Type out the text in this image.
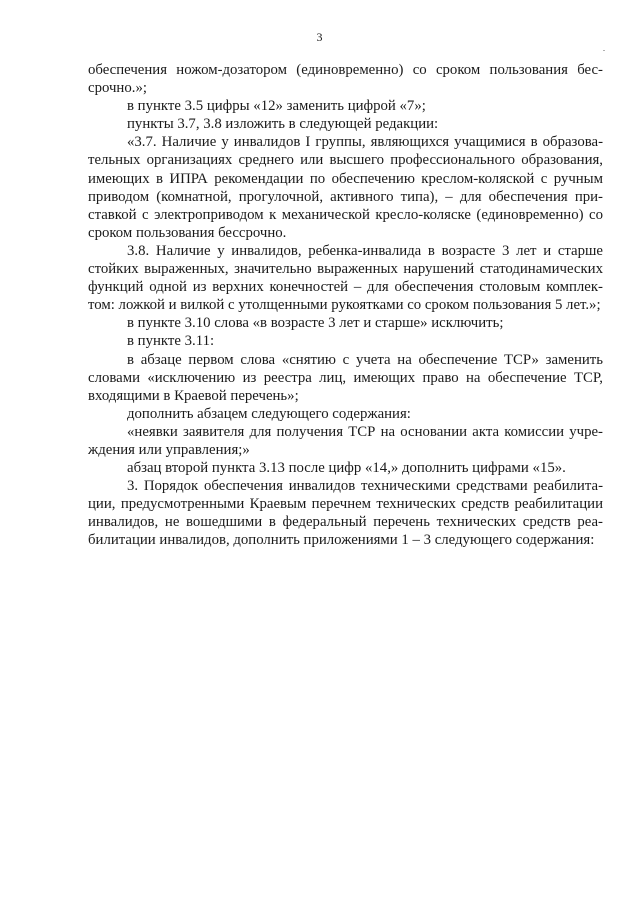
3

обеспечения ножом-дозатором (единовременно) со сроком пользования бес-срочно.»;

в пункте 3.5 цифры «12» заменить цифрой «7»;

пункты 3.7, 3.8 изложить в следующей редакции:

«3.7. Наличие у инвалидов I группы, являющихся учащимися в образова-тельных организациях среднего или высшего профессионального образования, имеющих в ИПРА рекомендации по обеспечению креслом-коляской с ручным приводом (комнатной, прогулочной, активного типа), – для обеспечения при-ставкой с электроприводом к механической кресло-коляске (единовременно) со сроком пользования бессрочно.

3.8. Наличие у инвалидов, ребенка-инвалида в возрасте 3 лет и старше стойких выраженных, значительно выраженных нарушений статодинамических функций одной из верхних конечностей – для обеспечения столовым комплек-том: ложкой и вилкой с утолщенными рукоятками со сроком пользования 5 лет.»;

в пункте 3.10 слова «в возрасте 3 лет и старше» исключить;

в пункте 3.11:

в абзаце первом слова «снятию с учета на обеспечение ТСР» заменить словами «исключению из реестра лиц, имеющих право на обеспечение ТСР, входящими в Краевой перечень»;

дополнить абзацем следующего содержания:

«неявки заявителя для получения ТСР на основании акта комиссии учре-ждения или управления;»

абзац второй пункта 3.13 после цифр «14,» дополнить цифрами «15».

3. Порядок обеспечения инвалидов техническими средствами реабилита-ции, предусмотренными Краевым перечнем технических средств реабилитации инвалидов, не вошедшими в федеральный перечень технических средств реа-билитации инвалидов, дополнить приложениями 1 – 3 следующего содержания:
